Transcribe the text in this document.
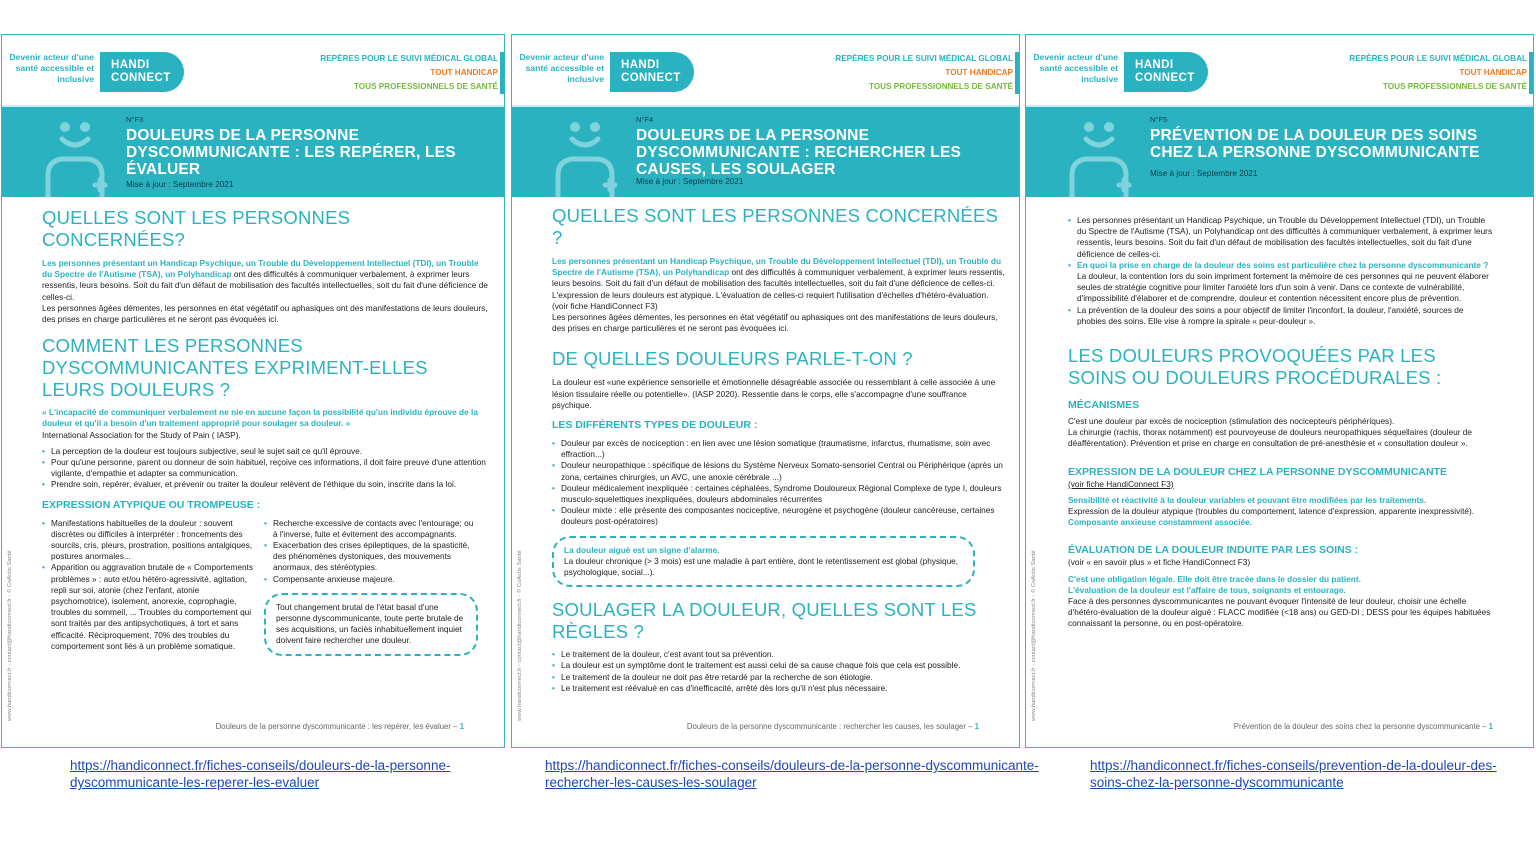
Devenir acteur d'une santé accessible et inclusive
HANDI CONNECT
REPÈRES POUR LE SUIVI MÉDICAL GLOBAL
TOUT HANDICAP
TOUS PROFESSIONNELS DE SANTÉ
N°F3
DOULEURS DE LA PERSONNE DYSCOMMUNICANTE : LES REPÉRER, LES ÉVALUER
Mise à jour : Septembre 2021
QUELLES SONT LES PERSONNES CONCERNÉES?
Les personnes présentant un Handicap Psychique, un Trouble du Développement Intellectuel (TDI), un Trouble du Spectre de l'Autisme (TSA), un Polyhandicap ont des difficultés à communiquer verbalement, à exprimer leurs ressentis, leurs besoins. Soit du fait d'un défaut de mobilisation des facultés intellectuelles, soit du fait d'une déficience de celles-ci.
Les personnes âgées démentes, les personnes en état végétatif ou aphasiques ont des manifestations de leurs douleurs, des prises en charge particulières et ne seront pas évoquées ici.
COMMENT LES PERSONNES DYSCOMMUNICANTES EXPRIMENT-ELLES LEURS DOULEURS ?
« L'incapacité de communiquer verbalement ne nie en aucune façon la possibilité qu'un individu éprouve de la douleur et qu'il a besoin d'un traitement approprié pour soulager sa douleur. »
International Association for the Study of Pain ( IASP).
• La perception de la douleur est toujours subjective, seul le sujet sait ce qu'il éprouve.
• Pour qu'une personne, parent ou donneur de soin habituel, reçoive ces informations, il doit faire preuve d'une attention vigilante, d'empathie et adapter sa communication.
• Prendre soin, repérer, évaluer, et prévenir ou traiter la douleur relèvent de l'éthique du soin, inscrite dans la loi.
EXPRESSION ATYPIQUE OU TROMPEUSE :
• Manifestations habituelles de la douleur : souvent discrètes ou difficiles à interpréter : froncements des sourcils, cris, pleurs, prostration, positions antalgiques, postures anormales...
• Apparition ou aggravation brutale de « Comportements problèmes » : auto et/ou hétéro-agressivité, agitation, repli sur soi, atonie (chez l'enfant, atonie psychomotrice), isolement, anorexie, coprophagie, troubles du sommeil, ... Troubles du comportement qui sont traités par des antipsychotiques, à tort et sans efficacité. Réciproquement, 70% des troubles du comportement sont liés à un problème somatique.
• Recherche excessive de contacts avec l'entourage; ou à l'inverse, fuite et évitement des accompagnants.
• Exacerbation des crises épileptiques, de la spasticité, des phénomènes dystoniques, des mouvements anormaux, des stéréotypies.
• Compensante anxieuse majeure.
Tout changement brutal de l'état basal d'une personne dyscommunicante, toute perte brutale de ses acquisitions, un faciès inhabituellement inquiet doivent faire rechercher une douleur.
Douleurs de la personne dyscommunicante : les repérer, les évaluer – 1
www.handiconnect.fr - contact@handiconnect.fr - © CoActis Santé
Devenir acteur d'une santé accessible et inclusive
HANDI CONNECT
REPÈRES POUR LE SUIVI MÉDICAL GLOBAL
TOUT HANDICAP
TOUS PROFESSIONNELS DE SANTÉ
N°F4
DOULEURS DE LA PERSONNE DYSCOMMUNICANTE : RECHERCHER LES CAUSES, LES SOULAGER
Mise à jour : Septembre 2021
QUELLES SONT LES PERSONNES CONCERNÉES ?
Les personnes présentant un Handicap Psychique, un Trouble du Développement Intellectuel (TDI), un Trouble du Spectre de l'Autisme (TSA), un Polyhandicap ont des difficultés à communiquer verbalement, à exprimer leurs ressentis, leurs besoins. Soit du fait d'un défaut de mobilisation des facultés intellectuelles, soit du fait d'une déficience de celles-ci.
L'expression de leurs douleurs est atypique. L'évaluation de celles-ci requiert l'utilisation d'échelles d'hétéro-évaluation. (voir fiche HandiConnect F3)
Les personnes âgées démentes, les personnes en état végétatif ou aphasiques ont des manifestations de leurs douleurs, des prises en charge particulières et ne seront pas évoquées ici.
DE QUELLES DOULEURS PARLE-T-ON ?
La douleur est «une expérience sensorielle et émotionnelle désagréable associée ou ressemblant à celle associée à une lésion tissulaire réelle ou potentielle». (IASP 2020). Ressentie dans le corps, elle s'accompagne d'une souffrance psychique.
LES DIFFÉRENTS TYPES DE DOULEUR :
• Douleur par excès de nociception : en lien avec une lésion somatique (traumatisme, infarctus, rhumatisme, soin avec effraction...)
• Douleur neuropathique : spécifique de lésions du Système Nerveux Somato-sensoriel Central ou Périphérique (après un zona, certaines chirurgies, un AVC, une anoxie cérébrale ...)
• Douleur médicalement inexpliquée : certaines céphalées, Syndrome Douloureux Régional Complexe de type I, douleurs musculo-squelettiques inexpliquées, douleurs abdominales récurrentes
• Douleur mixte : elle présente des composantes nociceptive, neurogène et psychogène (douleur cancéreuse, certaines douleurs post-opératoires)
La douleur aiguë est un signe d'alarme.
La douleur chronique (> 3 mois) est une maladie à part entière, dont le retentissement est global (physique, psychologique, social...).
SOULAGER LA DOULEUR, QUELLES SONT LES RÈGLES ?
• Le traitement de la douleur, c'est avant tout sa prévention.
• La douleur est un symptôme dont le traitement est aussi celui de sa cause chaque fois que cela est possible.
• Le traitement de la douleur ne doit pas être retardé par la recherche de son étiologie.
• Le traitement est réévalué en cas d'inefficacité, arrêté dès lors qu'il n'est plus nécessaire.
Douleurs de la personne dyscommunicante : rechercher les causes, les soulager – 1
www.handiconnect.fr - contact@handiconnect.fr - © CoActis Santé
Devenir acteur d'une santé accessible et inclusive
HANDI CONNECT
REPÈRES POUR LE SUIVI MÉDICAL GLOBAL
TOUT HANDICAP
TOUS PROFESSIONNELS DE SANTÉ
N°F5
PRÉVENTION DE LA DOULEUR DES SOINS CHEZ LA PERSONNE DYSCOMMUNICANTE
Mise à jour : Septembre 2021
• Les personnes présentant un Handicap Psychique, un Trouble du Développement Intellectuel (TDI), un Trouble du Spectre de l'Autisme (TSA), un Polyhandicap ont des difficultés à communiquer verbalement, à exprimer leurs ressentis, leurs besoins. Soit du fait d'un défaut de mobilisation des facultés intellectuelles, soit du fait d'une déficience de celles-ci.
• En quoi la prise en charge de la douleur des soins est particulière chez la personne dyscommunicante ?
La douleur, la contention lors du soin impriment fortement la mémoire de ces personnes qui ne peuvent élaborer seules de stratégie cognitive pour limiter l'anxiété lors d'un soin à venir. Dans ce contexte de vulnérabilité, d'impossibilité d'élaborer et de comprendre, douleur et contention nécessitent encore plus de prévention.
• La prévention de la douleur des soins a pour objectif de limiter l'inconfort, la douleur, l'anxiété, sources de phobies des soins. Elle vise à rompre la spirale « peur-douleur ».
LES DOULEURS PROVOQUÉES PAR LES SOINS OU DOULEURS PROCÉDURALES :
MÉCANISMES
C'est une douleur par excès de nociception (stimulation des nocicepteurs périphériques).
La chirurgie (rachis, thorax notamment) est pourvoyeuse de douleurs neuropathiques séquellaires (douleur de déafférentation). Prévention et prise en charge en consultation de pré-anesthésie et « consultation douleur ».
EXPRESSION DE LA DOULEUR CHEZ LA PERSONNE DYSCOMMUNICANTE
(voir fiche HandiConnect F3)
Sensibilité et réactivité à la douleur variables et pouvant être modifiées par les traitements.
Expression de la douleur atypique (troubles du comportement, latence d'expression, apparente inexpressivité).
Composante anxieuse constamment associée.
ÉVALUATION DE LA DOULEUR INDUITE PAR LES SOINS :
(voir « en savoir plus » et fiche HandiConnect F3)
C'est une obligation légale. Elle doit être tracée dans le dossier du patient.
L'évaluation de la douleur est l'affaire de tous, soignants et entourage.
Face à des personnes dyscommunicantes ne pouvant évoquer l'intensité de leur douleur, choisir une échelle d'hétéro-évaluation de la douleur aiguë : FLACC modifiée (<18 ans) ou GED-DI ; DESS pour les équipes habituées connaissant la personne, ou en post-opératoire.
Prévention de la douleur des soins chez la personne dyscommunicante – 1
www.handiconnect.fr - contact@handiconnect.fr - © CoActis Santé
https://handiconnect.fr/fiches-conseils/douleurs-de-la-personne-dyscommunicante-les-reperer-les-evaluer
https://handiconnect.fr/fiches-conseils/douleurs-de-la-personne-dyscommunicante-rechercher-les-causes-les-soulager
https://handiconnect.fr/fiches-conseils/prevention-de-la-douleur-des-soins-chez-la-personne-dyscommunicante
